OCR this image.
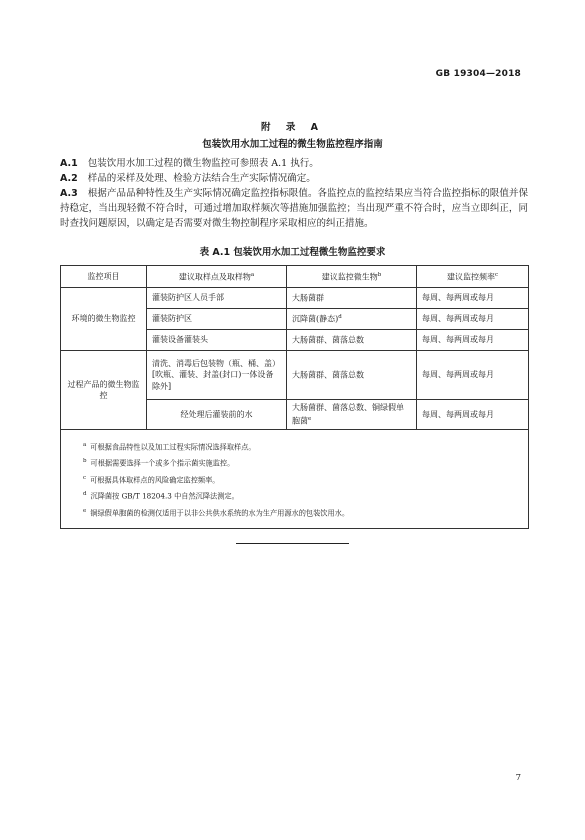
GB 19304—2018
附 录 A
包装饮用水加工过程的微生物监控程序指南
A.1 包装饮用水加工过程的微生物监控可参照表 A.1 执行。
A.2 样品的采样及处理、检验方法结合生产实际情况确定。
A.3 根据产品品种特性及生产实际情况确定监控指标限值。各监控点的监控结果应当符合监控指标的限值并保持稳定，当出现轻微不符合时，可通过增加取样频次等措施加强监控；当出现严重不符合时，应当立即纠正，同时查找问题原因，以确定是否需要对微生物控制程序采取相应的纠正措施。
表 A.1 包装饮用水加工过程微生物监控要求
监控项目	建议取样点及取样物$^a$	建议监控微生物$^b$	建议监控频率$^c$
环境的微生物监控	灌装防护区人员手部	大肠菌群	每周、每两周或每月
	灌装防护区	沉降菌(静态)$^d$	每周、每两周或每月
	灌装设备灌装头	大肠菌群、菌落总数	每周、每两周或每月
过程产品的微生物监控	清洗、消毒后包装物（瓶、桶、盖）[吹瓶、灌装、封盖(封口)一体设备除外]	大肠菌群、菌落总数	每周、每两周或每月
	经处理后灌装前的水	大肠菌群、菌落总数、铜绿假单胞菌$^e$	每周、每两周或每月

$^a$ 可根据食品特性以及加工过程实际情况选择取样点。
$^b$ 可根据需要选择一个或多个指示菌实施监控。
$^c$ 可根据具体取样点的风险确定监控频率。
$^d$ 沉降菌按 GB/T 18204.3 中自然沉降法测定。
$^e$ 铜绿假单胞菌的检测仅适用于以非公共供水系统的水为生产用源水的包装饮用水。			
7
